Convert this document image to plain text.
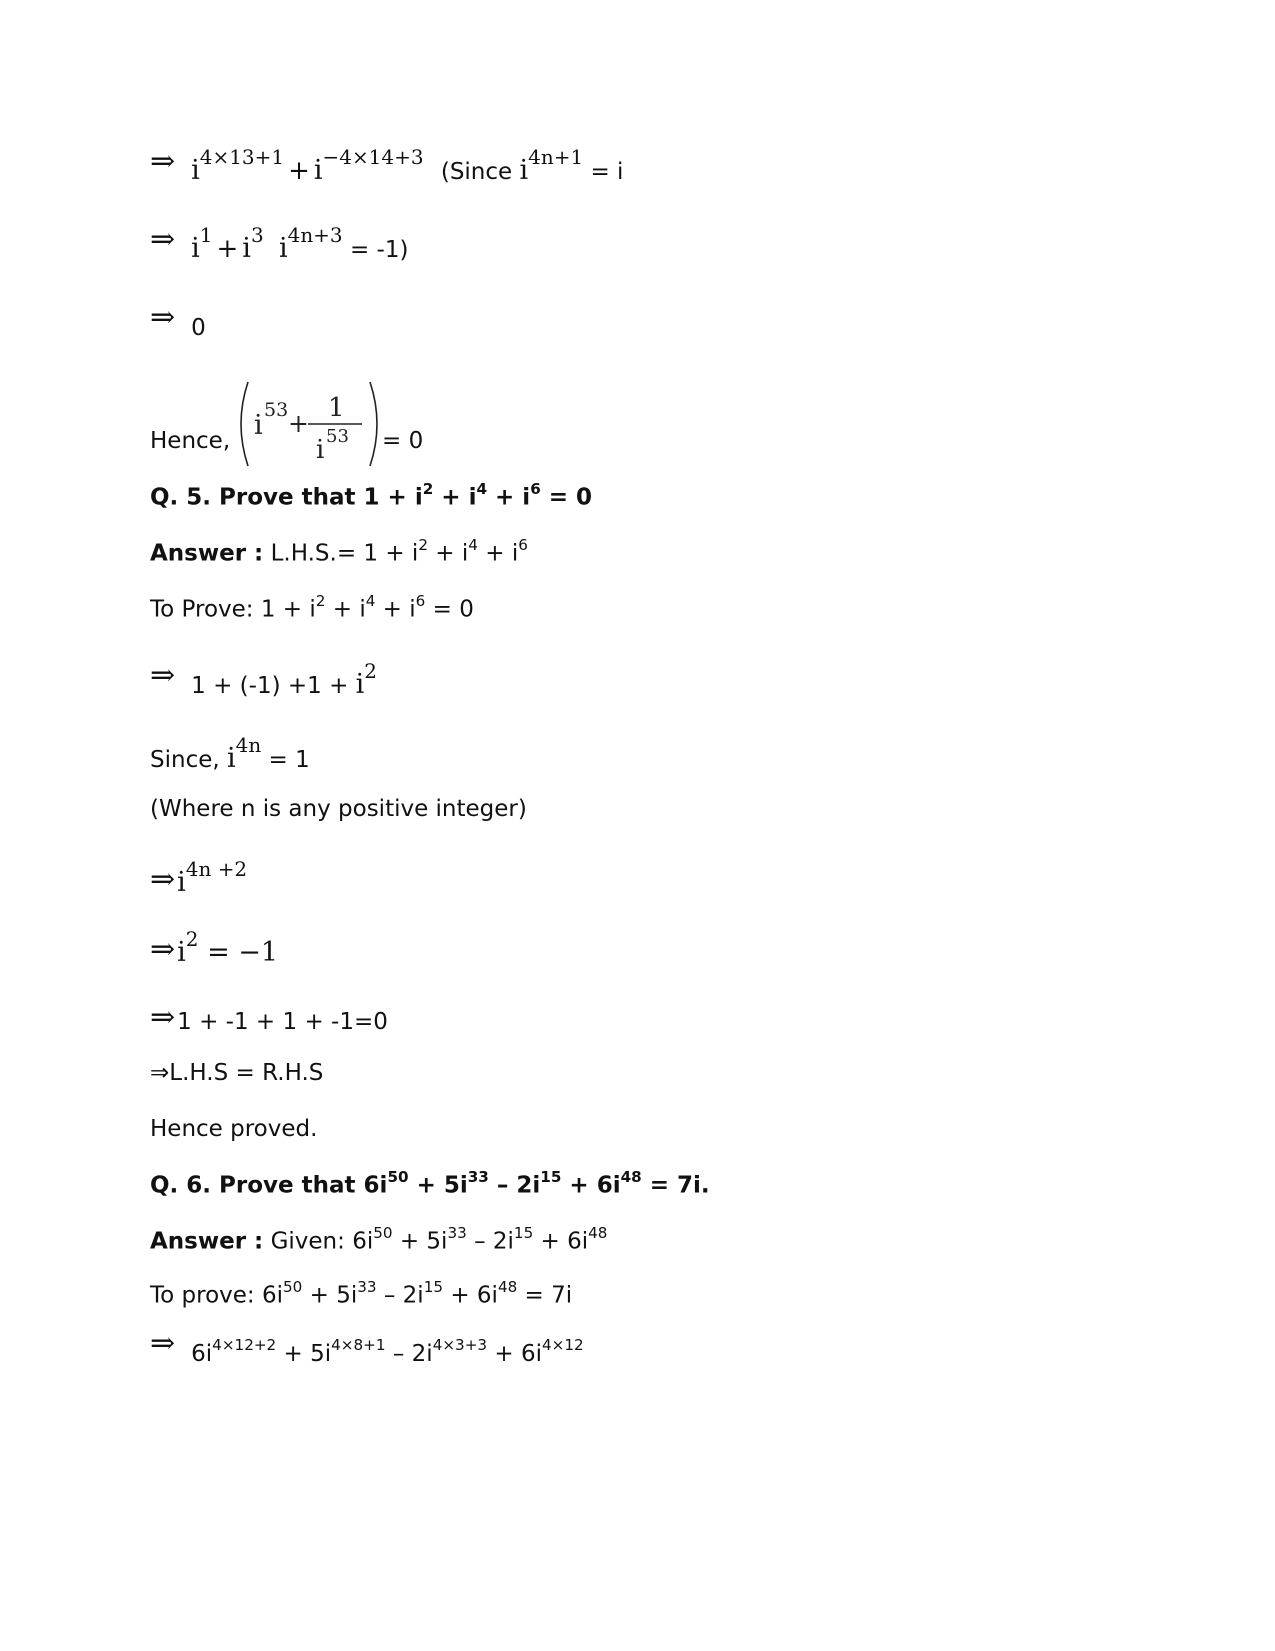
⇒ $i^{4\times 13+1} + i^{-4\times 14+3}$ (Since $i^{4n+1} = i$
⇒ $i^1 + i^3$ $i^{4n+3} = -1$)
⇒ 0
Hence, i 53 +
1
i 53 = 0
Q. 5. Prove that $1 + i^2 + i^4 + i^6 = 0$
Answer : $L.H.S.= 1 + i^2 + i^4 + i^6$
To Prove: $1 + i^2 + i^4 + i^6 = 0$
⇒ $1 + (-1) +1 + i^2$
Since, $i^{4n} = 1$
(Where n is any positive integer)
$\Rightarrow i^{4n +2}$
$\Rightarrow i^2 = -1$
⇒1 + -1 + 1 + -1=0
⇒L.H.S = R.H.S
Hence proved.
Q. 6. Prove that $6i^{50} + 5i^{33} - 2i^{15} + 6i^{48} = 7i$.
Answer : Given: $6i^{50} + 5i^{33} - 2i^{15} + 6i^{48}$
To prove: $6i^{50} + 5i^{33} - 2i^{15} + 6i^{48} = 7i$
⇒ $6i^{4\times 12+2} + 5i^{4\times 8+1} - 2i^{4\times 3+3} + 6i^{4\times 12}$
